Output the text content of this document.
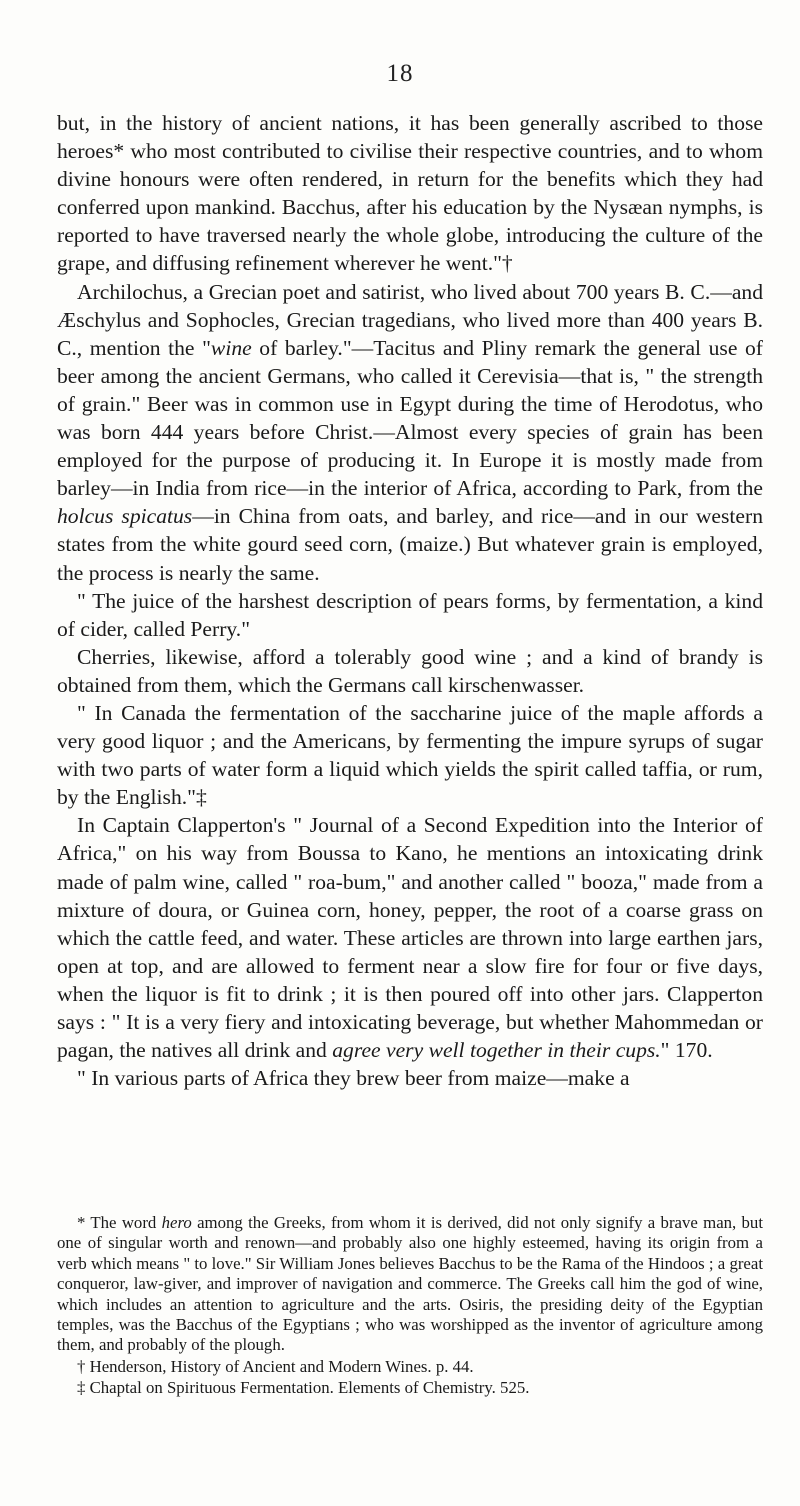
18

but, in the history of ancient nations, it has been generally ascribed to those heroes* who most contributed to civilise their respective countries, and to whom divine honours were often rendered, in return for the benefits which they had conferred upon mankind. Bacchus, after his education by the Nysæan nymphs, is reported to have traversed nearly the whole globe, introducing the culture of the grape, and diffusing refinement wherever he went."†

Archilochus, a Grecian poet and satirist, who lived about 700 years B. C.—and Æschylus and Sophocles, Grecian tragedians, who lived more than 400 years B. C., mention the "wine of barley."—Tacitus and Pliny remark the general use of beer among the ancient Germans, who called it Cerevisia—that is, " the strength of grain." Beer was in common use in Egypt during the time of Herodotus, who was born 444 years before Christ.—Almost every species of grain has been employed for the purpose of producing it. In Europe it is mostly made from barley—in India from rice—in the interior of Africa, according to Park, from the holcus spicatus—in China from oats, and barley, and rice—and in our western states from the white gourd seed corn, (maize.) But whatever grain is employed, the process is nearly the same.

" The juice of the harshest description of pears forms, by fermentation, a kind of cider, called Perry."

Cherries, likewise, afford a tolerably good wine ; and a kind of brandy is obtained from them, which the Germans call kirschenwasser.

" In Canada the fermentation of the saccharine juice of the maple affords a very good liquor ; and the Americans, by fermenting the impure syrups of sugar with two parts of water form a liquid which yields the spirit called taffia, or rum, by the English."‡

In Captain Clapperton's " Journal of a Second Expedition into the Interior of Africa," on his way from Boussa to Kano, he mentions an intoxicating drink made of palm wine, called " roa-bum," and another called " booza," made from a mixture of doura, or Guinea corn, honey, pepper, the root of a coarse grass on which the cattle feed, and water. These articles are thrown into large earthen jars, open at top, and are allowed to ferment near a slow fire for four or five days, when the liquor is fit to drink ; it is then poured off into other jars. Clapperton says : " It is a very fiery and intoxicating beverage, but whether Mahommedan or pagan, the natives all drink and agree very well together in their cups." 170.

" In various parts of Africa they brew beer from maize—make a

* The word hero among the Greeks, from whom it is derived, did not only signify a brave man, but one of singular worth and renown—and probably also one highly esteemed, having its origin from a verb which means " to love." Sir William Jones believes Bacchus to be the Rama of the Hindoos ; a great conqueror, law-giver, and improver of navigation and commerce. The Greeks call him the god of wine, which includes an attention to agriculture and the arts. Osiris, the presiding deity of the Egyptian temples, was the Bacchus of the Egyptians ; who was worshipped as the inventor of agriculture among them, and probably of the plough.

† Henderson, History of Ancient and Modern Wines. p. 44.

‡ Chaptal on Spirituous Fermentation. Elements of Chemistry. 525.
